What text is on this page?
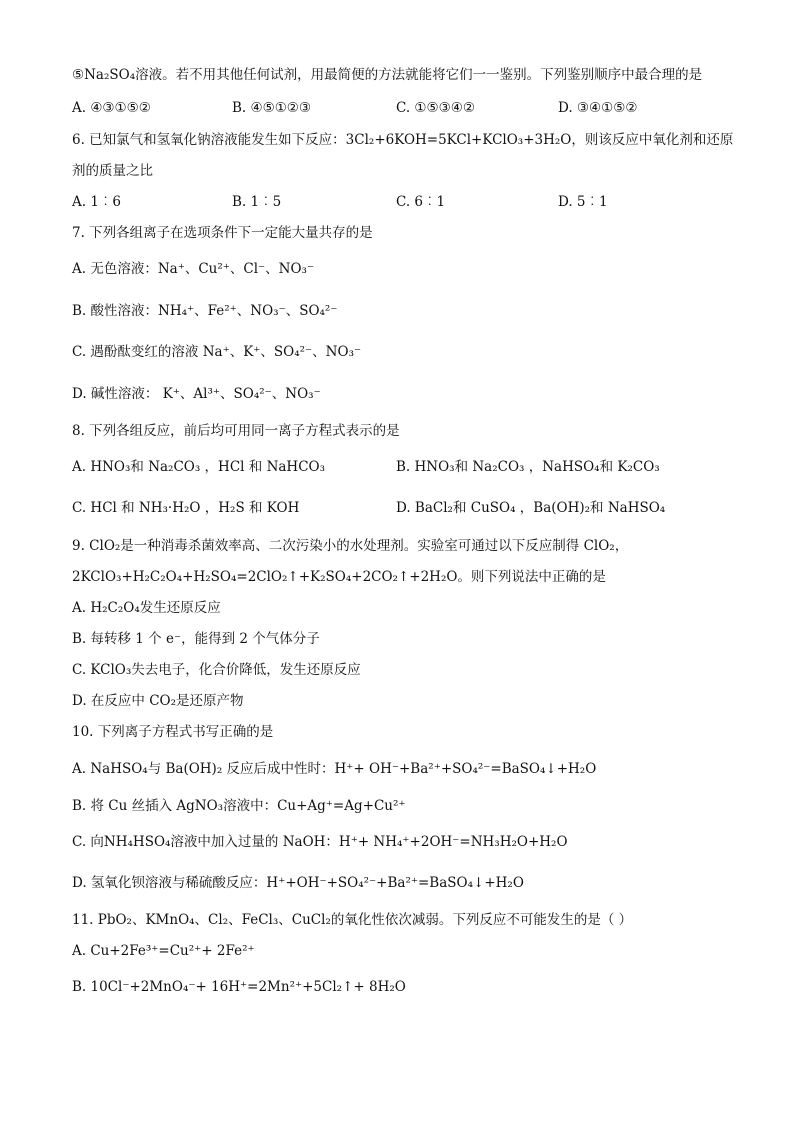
⑤Na₂SO₄溶液。若不用其他任何试剂，用最简便的方法就能将它们一一鉴别。下列鉴别顺序中最合理的是
6. 已知氯气和氢氧化钠溶液能发生如下反应：3Cl₂+6KOH=5KCl+KClO₃+3H₂O，则该反应中氧化剂和还原
剂的质量之比
7. 下列各组离子在选项条件下一定能大量共存的是
A. 无色溶液：Na⁺、Cu²⁺、Cl⁻、NO₃⁻
B. 酸性溶液：NH₄⁺、Fe²⁺、NO₃⁻、SO₄²⁻
C. 遇酚酞变红的溶液 Na⁺、K⁺、SO₄²⁻、NO₃⁻
D. 碱性溶液： K⁺、Al³⁺、SO₄²⁻、NO₃⁻
8. 下列各组反应，前后均可用同一离子方程式表示的是
9. ClO₂是一种消毒杀菌效率高、二次污染小的水处理剂。实验室可通过以下反应制得 ClO₂，
2KClO₃+H₂C₂O₄+H₂SO₄=2ClO₂↑+K₂SO₄+2CO₂↑+2H₂O。则下列说法中正确的是
A. H₂C₂O₄发生还原反应
B. 每转移 1 个 e⁻，能得到 2 个气体分子
C. KClO₃失去电子，化合价降低，发生还原反应
D. 在反应中 CO₂是还原产物
10. 下列离子方程式书写正确的是
A. NaHSO₄与 Ba(OH)₂ 反应后成中性时：H⁺+ OH⁻+Ba²⁺+SO₄²⁻=BaSO₄↓+H₂O
B. 将 Cu 丝插入 AgNO₃溶液中：Cu+Ag⁺=Ag+Cu²⁺
C. 向NH₄HSO₄溶液中加入过量的 NaOH：H⁺+ NH₄⁺+2OH⁻=NH₃H₂O+H₂O
D. 氢氧化钡溶液与稀硫酸反应：H⁺+OH⁻+SO₄²⁻+Ba²⁺=BaSO₄↓+H₂O
11. PbO₂、KMnO₄、Cl₂、FeCl₃、CuCl₂的氧化性依次减弱。下列反应不可能发生的是（ ）
A. Cu+2Fe³⁺=Cu²⁺+ 2Fe²⁺
B. 10Cl⁻+2MnO₄⁻+ 16H⁺=2Mn²⁺+5Cl₂↑+ 8H₂O
A. ④③①⑤②	B. ④⑤①②③	C. ①⑤③④②	D. ③④①⑤②
A. 1︰6	B. 1︰5	C. 6︰1	D. 5︰1
A. HNO₃和 Na₂CO₃ ，HCl 和 NaHCO₃	B. HNO₃和 Na₂CO₃ ，NaHSO₄和 K₂CO₃
C. HCl 和 NH₃·H₂O ，H₂S 和 KOH	D. BaCl₂和 CuSO₄ ，Ba(OH)₂和 NaHSO₄
